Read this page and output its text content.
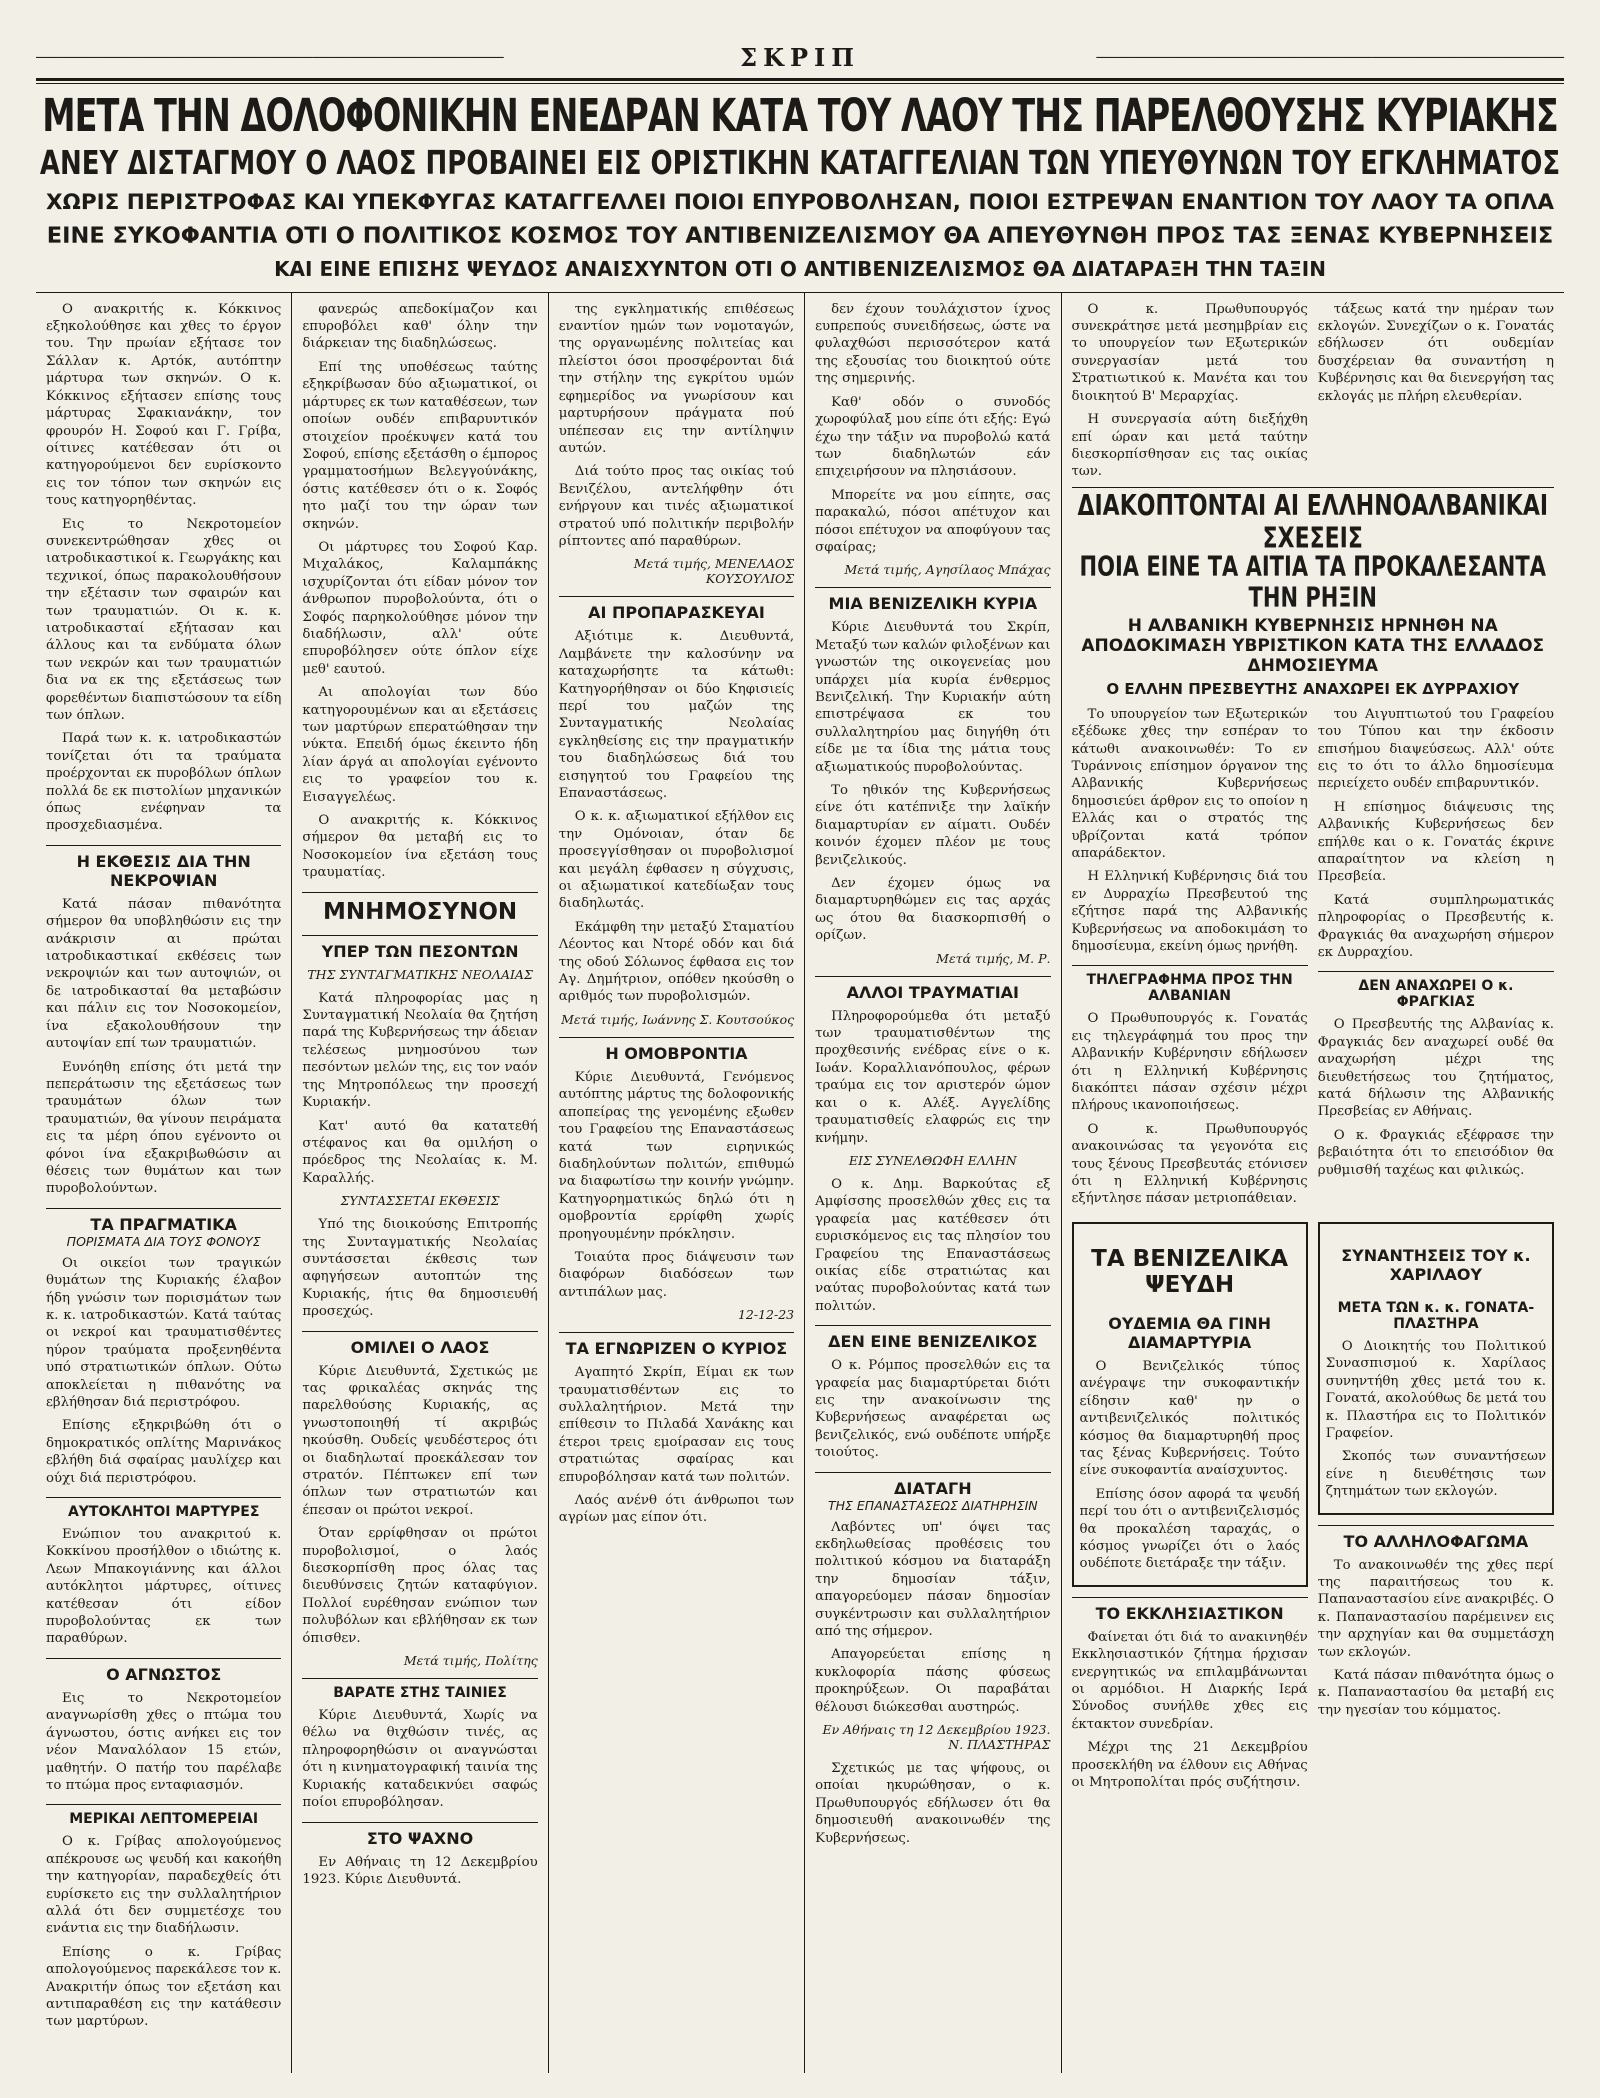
────────────────────────────────────────────	ΣΚΡΙΠ	────────────────────────────────────────────
ΜΕΤΑ ΤΗΝ ΔΟΛΟΦΟΝΙΚΗΝ ΕΝΕΔΡΑΝ ΚΑΤΑ ΤΟΥ ΛΑΟΥ ΤΗΣ ΠΑΡΕΛΘΟΥΣΗΣ ΚΥΡΙΑΚΗΣ
ΑΝΕΥ ΔΙΣΤΑΓΜΟΥ Ο ΛΑΟΣ ΠΡΟΒΑΙΝΕΙ ΕΙΣ ΟΡΙΣΤΙΚΗΝ ΚΑΤΑΓΓΕΛΙΑΝ ΤΩΝ ΥΠΕΥΘΥΝΩΝ ΤΟΥ ΕΓΚΛΗΜΑΤΟΣ
ΧΩΡΙΣ ΠΕΡΙΣΤΡΟΦΑΣ ΚΑΙ ΥΠΕΚΦΥΓΑΣ ΚΑΤΑΓΓΕΛΛΕΙ ΠΟΙΟΙ ΕΠΥΡΟΒΟΛΗΣΑΝ, ΠΟΙΟΙ ΕΣΤΡΕΨΑΝ ΕΝΑΝΤΙΟΝ ΤΟΥ ΛΑΟΥ ΤΑ ΟΠΛΑ
ΕΙΝΕ ΣΥΚΟΦΑΝΤΙΑ ΟΤΙ Ο ΠΟΛΙΤΙΚΟΣ ΚΟΣΜΟΣ ΤΟΥ ΑΝΤΙΒΕΝΙΖΕΛΙΣΜΟΥ ΘΑ ΑΠΕΥΘΥΝΘΗ ΠΡΟΣ ΤΑΣ ΞΕΝΑΣ ΚΥΒΕΡΝΗΣΕΙΣ
ΚΑΙ ΕΙΝΕ ΕΠΙΣΗΣ ΨΕΥΔΟΣ ΑΝΑΙΣΧΥΝΤΟΝ ΟΤΙ Ο ΑΝΤΙΒΕΝΙΖΕΛΙΣΜΟΣ ΘΑ ΔΙΑΤΑΡΑΞΗ ΤΗΝ ΤΑΞΙΝ

Ο ανακριτής κ. Κόκκινος εξηκολούθησε και χθες το έργον του. Την πρωίαν εξήτασε τον Σάλλαν κ. Αρτόκ, αυτόπτην μάρτυρα των σκηνών. Ο κ. Κόκκινος εξήτασεν επίσης τους μάρτυρας Σφακιανάκην, τον φρουρόν Η. Σοφού και Γ. Γρίβα, οίτινες κατέθεσαν ότι οι κατηγορούμενοι δεν ευρίσκοντο εις τον τόπον των σκηνών εις τους κατηγορηθέντας.

Εις το Νεκροτομείον συνεκεντρώθησαν χθες οι ιατροδικαστικοί κ. Γεωργάκης και τεχνικοί, όπως παρακολουθήσουν την εξέτασιν των σφαιρών και των τραυματιών. Οι κ. κ. ιατροδικασταί εξήτασαν και άλλους και τα ενδύματα όλων των νεκρών και των τραυματιών δια να εκ της εξετάσεως των φορεθέντων διαπιστώσουν τα είδη των όπλων.

Παρά των κ. κ. ιατροδικαστών τονίζεται ότι τα τραύματα προέρχονται εκ πυροβόλων όπλων πολλά δε εκ πιστολίων μηχανικών όπως ενέφηναν τα προσχεδιασμένα.

Η ΕΚΘΕΣΙΣ ΔΙΑ ΤΗΝ ΝΕΚΡΟΨΙΑΝ

Κατά πάσαν πιθανότητα σήμερον θα υποβληθώσιν εις την ανάκρισιν αι πρώται ιατροδικαστικαί εκθέσεις των νεκροψιών και των αυτοψιών, οι δε ιατροδικασταί θα μεταβώσιν και πάλιν εις τον Νοσοκομείον, ίνα εξακολουθήσουν την αυτοψίαν επί των τραυματιών.

Ευνόηθη επίσης ότι μετά την πεπεράτωσιν της εξετάσεως των τραυμάτων όλων των τραυματιών, θα γίνουν πειράματα εις τα μέρη όπου εγένοντο οι φόνοι ίνα εξακριβωθώσιν αι θέσεις των θυμάτων και των πυροβολούντων.

ΤΑ ΠΡΑΓΜΑΤΙΚΑ
ΠΟΡΙΣΜΑΤΑ ΔΙΑ ΤΟΥΣ ΦΟΝΟΥΣ

Οι οικείοι των τραγικών θυμάτων της Κυριακής έλαβον ήδη γνώσιν των πορισμάτων των κ. κ. ιατροδικαστών. Κατά ταύτας οι νεκροί και τραυματισθέντες ηύρον τραύματα προξενηθέντα υπό στρατιωτικών όπλων. Ούτω αποκλείεται η πιθανότης να εβλήθησαν διά περιστρόφου.

Επίσης εξηκριβώθη ότι ο δημοκρατικός οπλίτης Μαρινάκος εβλήθη διά σφαίρας μαυλίχερ και ούχι διά περιστρόφου.

ΑΥΤΟΚΛΗΤΟΙ ΜΑΡΤΥΡΕΣ

Ενώπιον του ανακριτού κ. Κοκκίνου προσήλθον ο ιδιώτης κ. Λεων Μπακογιάννης και άλλοι αυτόκλητοι μάρτυρες, οίτινες κατέθεσαν ότι είδον πυροβολούντας εκ των παραθύρων.

Ο ΑΓΝΩΣΤΟΣ

Εις το Νεκροτομείον αναγνωρίσθη χθες ο πτώμα του άγνωστου, όστις ανήκει εις τον νέον Μαναλόλαον 15 ετών, μαθητήν. Ο πατήρ του παρέλαβε το πτώμα προς ενταφιασμόν.

ΜΕΡΙΚΑΙ ΛΕΠΤΟΜΕΡΕΙΑΙ

Ο κ. Γρίβας απολογούμενος απέκρουσε ως ψευδή και κακοήθη την κατηγορίαν, παραδεχθείς ότι ευρίσκετο εις την συλλαλητήριον αλλά ότι δεν συμμετέσχε του ενάντια εις την διαδήλωσιν.

Επίσης ο κ. Γρίβας απολογούμενος παρεκάλεσε τον κ. Ανακριτήν όπως τον εξετάση και αντιπαραθέση εις την κατάθεσιν των μαρτύρων.

φανερώς απεδοκίμαζον και επυροβόλει καθ' όλην την διάρκειαν της διαδηλώσεως.

Επί της υποθέσεως ταύτης εξηκρίβωσαν δύο αξιωματικοί, οι μάρτυρες εκ των καταθέσεων, των οποίων ουδέν επιβαρυντικόν στοιχείον προέκυψεν κατά του Σοφού, επίσης εξετάσθη ο έμπορος γραμματοσήμων Βελεγγούνάκης, όστις κατέθεσεν ότι ο κ. Σοφός ητο μαζί του την ώραν των σκηνών.

Οι μάρτυρες του Σοφού Καρ. Μιχαλάκος, Καλαμπάκης ισχυρίζονται ότι είδαν μόνον τον άνθρωπον πυροβολούντα, ότι ο Σοφός παρηκολούθησε μόνον την διαδήλωσιν, αλλ' ούτε επυροβόλησεν ούτε όπλον είχε μεθ' εαυτού.

Αι απολογίαι των δύο κατηγορουμένων και αι εξετάσεις των μαρτύρων επερατώθησαν την νύκτα. Επειδή όμως έκειντο ήδη λίαν άργά αι απολογίαι εγένοντο εις το γραφείον του κ. Εισαγγελέως.

Ο ανακριτής κ. Κόκκινος σήμερον θα μεταβή εις το Νοσοκομείον ίνα εξετάση τους τραυματίας.

ΜΝΗΜΟΣΥΝΟΝ
ΥΠΕΡ ΤΩΝ ΠΕΣΟΝΤΩΝ
ΤΗΣ ΣΥΝΤΑΓΜΑΤΙΚΗΣ ΝΕΟΛΑΙΑΣ

Κατά πληροφορίας μας η Συνταγματική Νεολαία θα ζητήση παρά της Κυβερνήσεως την άδειαν τελέσεως μνημοσύνου των πεσόντων μελών της, εις τον ναόν της Μητροπόλεως την προσεχή Κυριακήν.

Κατ' αυτό θα κατατεθή στέφανος και θα ομιλήση ο πρόεδρος της Νεολαίας κ. Μ. Καραλλής.

ΣΥΝΤΑΣΣΕΤΑΙ ΕΚΘΕΣΙΣ

Υπό της διοικούσης Επιτροπής της Συνταγματικής Νεολαίας συντάσσεται έκθεσις των αφηγήσεων αυτοπτών της Κυριακής, ήτις θα δημοσιευθή προσεχώς.

ΟΜΙΛΕΙ Ο ΛΑΟΣ

Κύριε Διευθυντά, Σχετικώς με τας φρικαλέας σκηνάς της παρελθούσης Κυριακής, ας γνωστοποιηθή τί ακριβώς ηκούσθη. Ουδείς ψευδέστερος ότι οι διαδηλωταί προεκάλεσαν τον στρατόν. Πέπτωκεν επί των όπλων των στρατιωτών και έπεσαν οι πρώτοι νεκροί.

Όταν ερρίφθησαν οι πρώτοι πυροβολισμοί, ο λαός διεσκορπίσθη προς όλας τας διευθύνσεις ζητών καταφύγιον. Πολλοί ευρέθησαν ενώπιον των πολυβόλων και εβλήθησαν εκ των όπισθεν.

Μετά τιμής, Πολίτης
ΒΑΡΑΤΕ ΣΤΗΣ ΤΑΙΝΙΕΣ

Κύριε Διευθυντά, Χωρίς να θέλω να θιχθώσιν τινές, ας πληροφορηθώσιν οι αναγνώσται ότι η κινηματογραφική ταινία της Κυριακής καταδεικνύει σαφώς ποίοι επυροβόλησαν.

ΣΤΟ ΨΑΧΝΟ

Εν Αθήναις τη 12 Δεκεμβρίου 1923. Κύριε Διευθυντά.

της εγκληματικής επιθέσεως εναντίον ημών των νομοταγών, της οργανωμένης πολιτείας και πλείστοι όσοι προσφέρονται διά την στήλην της εγκρίτου υμών εφημερίδος να γνωρίσουν και μαρτυρήσουν πράγματα πού υπέπεσαν εις την αντίληψιν αυτών.

Διά τούτο προς τας οικίας τού Βενιζέλου, αντελήφθην ότι ενήργουν και τινές αξιωματικοί στρατού υπό πολιτικήν περιβολήν ρίπτοντες από παραθύρων.

Μετά τιμής, ΜΕΝΕΛΑΟΣ ΚΟΥΣΟΥΛΙΟΣ
ΑΙ ΠΡΟΠΑΡΑΣΚΕΥΑΙ

Αξιότιμε κ. Διευθυντά, Λαμβάνετε την καλοσύνην να καταχωρήσητε τα κάτωθι: Κατηγορήθησαν οι δύο Κηφισιείς περί του μαζών της Συνταγματικής Νεολαίας εγκληθείσης εις την πραγματικήν του διαδηλώσεως διά του εισηγητού του Γραφείου της Επαναστάσεως.

Ο κ. κ. αξιωματικοί εξήλθον εις την Ομόνοιαν, όταν δε προσεγγίσθησαν οι πυροβολισμοί και μεγάλη έφθασεν η σύγχυσις, οι αξιωματικοί κατεδίωξαν τους διαδηλωτάς.

Εκάμφθη την μεταξύ Σταματίου Λέοντος και Ντορέ οδόν και διά της οδού Σόλωνος έφθασα εις τον Αγ. Δημήτριον, οπόθεν ηκούσθη ο αριθμός των πυροβολισμών.

Μετά τιμής, Ιωάννης Σ. Κουτσούκος
Η ΟΜΟΒΡΟΝΤΙΑ

Κύριε Διευθυντά, Γενόμενος αυτόπτης μάρτυς της δολοφονικής αποπείρας της γενομένης εξωθεν του Γραφείου της Επαναστάσεως κατά των ειρηνικώς διαδηλούντων πολιτών, επιθυμώ να διαφωτίσω την κοινήν γνώμην. Κατηγορηματικώς δηλώ ότι η ομοβροντία ερρίφθη χωρίς προηγουμένην πρόκλησιν.

Τοιαύτα προς διάψευσιν των διαφόρων διαδόσεων των αντιπάλων μας.

12-12-23
ΤΑ ΕΓΝΩΡΙΖΕΝ Ο ΚΥΡΙΟΣ

Αγαπητό Σκρίπ, Είμαι εκ των τραυματισθέντων εις το συλλαλητήριον. Μετά την επίθεσιν το Πιλαδά Χανάκης και έτεροι τρεις εμοίρασαν εις τους στρατιώτας σφαίρας και επυροβόλησαν κατά των πολιτών.

Λαός ανένθ ότι άνθρωποι των αγρίων μας είπον ότι.

δεν έχουν τουλάχιστον ίχνος ευπρεπούς συνειδήσεως, ώστε να φυλαχθώσι περισσότερον κατά της εξουσίας του διοικητού ούτε της σημερινής.

Καθ' οδόν ο συνοδός χωροφύλαξ μου είπε ότι εξής: Εγώ έχω την τάξιν να πυροβολώ κατά των διαδηλωτών εάν επιχειρήσουν να πλησιάσουν.

Μπορείτε να μου είπητε, σας παρακαλώ, πόσοι απέτυχον και πόσοι επέτυχον να αποφύγουν τας σφαίρας;

Μετά τιμής, Αγησίλαος Μπάχας
ΜΙΑ ΒΕΝΙΖΕΛΙΚΗ ΚΥΡΙΑ

Κύριε Διευθυντά του Σκρίπ, Μεταξύ των καλών φιλοξένων και γνωστών της οικογενείας μου υπάρχει μία κυρία ένθερμος Βενιζελική. Την Κυριακήν αύτη επιστρέψασα εκ του συλλαλητηρίου μας διηγήθη ότι είδε με τα ίδια της μάτια τους αξιωματικούς πυροβολούντας.

Το ηθικόν της Κυβερνήσεως είνε ότι κατέπνιξε την λαϊκήν διαμαρτυρίαν εν αίματι. Ουδέν κοινόν έχομεν πλέον με τους βενιζελικούς.

Δεν έχομεν όμως να διαμαρτυρηθώμεν εις τας αρχάς ως ότου θα διασκορπισθή ο ορίζων.

Μετά τιμής, Μ. Ρ.
ΑΛΛΟΙ ΤΡΑΥΜΑΤΙΑΙ

Πληροφορούμεθα ότι μεταξύ των τραυματισθέντων της προχθεσινής ενέδρας είνε ο κ. Ιωάν. Κοραλλιανόπουλος, φέρων τραύμα εις τον αριστερόν ώμον και ο κ. Αλέξ. Αγγελίδης τραυματισθείς ελαφρώς εις την κνήμην.

ΕΙΣ ΣΥΝΕΛΘΩΦΗ ΕΛΛΗΝ

Ο κ. Δημ. Βαρκούτας εξ Αμφίσσης προσελθών χθες εις τα γραφεία μας κατέθεσεν ότι ευρισκόμενος εις τας πλησίον του Γραφείου της Επαναστάσεως οικίας είδε στρατιώτας και ναύτας πυροβολούντας κατά των πολιτών.

ΔΕΝ ΕΙΝΕ ΒΕΝΙΖΕΛΙΚΟΣ

Ο κ. Ρόμπος προσελθών εις τα γραφεία μας διαμαρτύρεται διότι εις την ανακοίνωσιν της Κυβερνήσεως αναφέρεται ως βενιζελικός, ενώ ουδέποτε υπήρξε τοιούτος.

ΔΙΑΤΑΓΗ
ΤΗΣ ΕΠΑΝΑΣΤΑΣΕΩΣ ΔΙΑΤΗΡΗΣΙΝ

Λαβόντες υπ' όψει τας εκδηλωθείσας προθέσεις του πολιτικού κόσμου να διαταράξη την δημοσίαν τάξιν, απαγορεύομεν πάσαν δημοσίαν συγκέντρωσιν και συλλαλητήριον από της σήμερον.

Απαγορεύεται επίσης η κυκλοφορία πάσης φύσεως προκηρύξεων. Οι παραβάται θέλουσι διώκεσθαι αυστηρώς.

Εν Αθήναις τη 12 Δεκεμβρίου 1923. Ν. ΠΛΑΣΤΗΡΑΣ

Σχετικώς με τας ψήφους, οι οποίαι ηκυρώθησαν, ο κ. Πρωθυπουργός εδήλωσεν ότι θα δημοσιευθή ανακοινωθέν της Κυβερνήσεως.

Ο κ. Πρωθυπουργός συνεκράτησε μετά μεσημβρίαν εις το υπουργείον των Εξωτερικών συνεργασίαν μετά του Στρατιωτικού κ. Μανέτα και του διοικητού Β' Μεραρχίας.

Η συνεργασία αύτη διεξήχθη επί ώραν και μετά ταύτην διεσκορπίσθησαν εις τας οικίας των.

τάξεως κατά την ημέραν των εκλογών. Συνεχίζων ο κ. Γονατάς εδήλωσεν ότι ουδεμίαν δυσχέρειαν θα συναντήση η Κυβέρνησις και θα διενεργήση τας εκλογάς με πλήρη ελευθερίαν.

ΔΙΑΚΟΠΤΟΝΤΑΙ ΑΙ ΕΛΛΗΝΟΑΛΒΑΝΙΚΑΙ ΣΧΕΣΕΙΣ
ΠΟΙΑ ΕΙΝΕ ΤΑ ΑΙΤΙΑ ΤΑ ΠΡΟΚΑΛΕΣΑΝΤΑ ΤΗΝ ΡΗΞΙΝ
Η ΑΛΒΑΝΙΚΗ ΚΥΒΕΡΝΗΣΙΣ ΗΡΝΗΘΗ ΝΑ ΑΠΟΔΟΚΙΜΑΣΗ ΥΒΡΙΣΤΙΚΟΝ ΚΑΤΑ ΤΗΣ ΕΛΛΑΔΟΣ ΔΗΜΟΣΙΕΥΜΑ
Ο ΕΛΛΗΝ ΠΡΕΣΒΕΥΤΗΣ ΑΝΑΧΩΡΕΙ ΕΚ ΔΥΡΡΑΧΙΟΥ

Το υπουργείον των Εξωτερικών εξέδωκε χθες την εσπέραν το κάτωθι ανακοινωθέν: Το εν Τυράννοις επίσημον όργανον της Αλβανικής Κυβερνήσεως δημοσιεύει άρθρον εις το οποίον η Ελλάς και ο στρατός της υβρίζονται κατά τρόπον απαράδεκτον.

Η Ελληνική Κυβέρνησις διά του εν Δυρραχίω Πρεσβευτού της εζήτησε παρά της Αλβανικής Κυβερνήσεως να αποδοκιμάση το δημοσίευμα, εκείνη όμως ηρνήθη.

ΤΗΛΕΓΡΑΦΗΜΑ ΠΡΟΣ ΤΗΝ ΑΛΒΑΝΙΑΝ

Ο Πρωθυπουργός κ. Γονατάς εις τηλεγράφημά του προς την Αλβανικήν Κυβέρνησιν εδήλωσεν ότι η Ελληνική Κυβέρνησις διακόπτει πάσαν σχέσιν μέχρι πλήρους ικανοποιήσεως.

Ο κ. Πρωθυπουργός ανακοινώσας τα γεγονότα εις τους ξένους Πρεσβευτάς ετόνισεν ότι η Ελληνική Κυβέρνησις εξήντλησε πάσαν μετριοπάθειαν.

του Αιγυπτιωτού του Γραφείου του Τύπου και την έκδοσιν επισήμου διαψεύσεως. Αλλ' ούτε εις το ότι το άλλο δημοσίευμα περιείχετο ουδέν επιβαρυντικόν.

Η επίσημος διάψευσις της Αλβανικής Κυβερνήσεως δεν επήλθε και ο κ. Γονατάς έκρινε απαραίτητον να κλείση η Πρεσβεία.

Κατά συμπληρωματικάς πληροφορίας ο Πρεσβευτής κ. Φραγκιάς θα αναχωρήση σήμερον εκ Δυρραχίου.

ΔΕΝ ΑΝΑΧΩΡΕΙ Ο κ. ΦΡΑΓΚΙΑΣ

Ο Πρεσβευτής της Αλβανίας κ. Φραγκιάς δεν αναχωρεί ουδέ θα αναχωρήση μέχρι της διευθετήσεως του ζητήματος, κατά δήλωσιν της Αλβανικής Πρεσβείας εν Αθήναις.

Ο κ. Φραγκιάς εξέφρασε την βεβαιότητα ότι το επεισόδιον θα ρυθμισθή ταχέως και φιλικώς.

ΤΑ ΒΕΝΙΖΕΛΙΚΑ ΨΕΥΔΗ
ΟΥΔΕΜΙΑ ΘΑ ΓΙΝΗ ΔΙΑΜΑΡΤΥΡΙΑ

Ο Βενιζελικός τύπος ανέγραψε την συκοφαντικήν είδησιν καθ' ην ο αντιβενιζελικός πολιτικός κόσμος θα διαμαρτυρηθή προς τας ξένας Κυβερνήσεις. Τούτο είνε συκοφαντία αναίσχυντος.

Επίσης όσον αφορά τα ψευδή περί του ότι ο αντιβενιζελισμός θα προκαλέση ταραχάς, ο κόσμος γνωρίζει ότι ο λαός ουδέποτε διετάραξε την τάξιν.

ΤΟ ΕΚΚΛΗΣΙΑΣΤΙΚΟΝ

Φαίνεται ότι διά το ανακινηθέν Εκκλησιαστικόν ζήτημα ήρχισαν ενεργητικώς να επιλαμβάνωνται οι αρμόδιοι. Η Διαρκής Ιερά Σύνοδος συνήλθε χθες εις έκτακτον συνεδρίαν.

Μέχρι της 21 Δεκεμβρίου προσεκλήθη να έλθουν εις Αθήνας οι Μητροπολίται πρός συζήτησιν.

ΣΥΝΑΝΤΗΣΕΙΣ ΤΟΥ κ. ΧΑΡΙΛΑΟΥ
ΜΕΤΑ ΤΩΝ κ. κ. ΓΟΝΑΤΑ-ΠΛΑΣΤΗΡΑ

Ο Διοικητής του Πολιτικού Συνασπισμού κ. Χαρίλαος συνηντήθη χθες μετά του κ. Γονατά, ακολούθως δε μετά του κ. Πλαστήρα εις το Πολιτικόν Γραφείον.

Σκοπός των συναντήσεων είνε η διευθέτησις των ζητημάτων των εκλογών.

ΤΟ ΑΛΛΗΛΟΦΑΓΩΜΑ

Το ανακοινωθέν της χθες περί της παραιτήσεως του κ. Παπαναστασίου είνε ανακριβές. Ο κ. Παπαναστασίου παρέμεινεν εις την αρχηγίαν και θα συμμετάσχη των εκλογών.

Κατά πάσαν πιθανότητα όμως ο κ. Παπαναστασίου θα μεταβή εις την ηγεσίαν του κόμματος.
